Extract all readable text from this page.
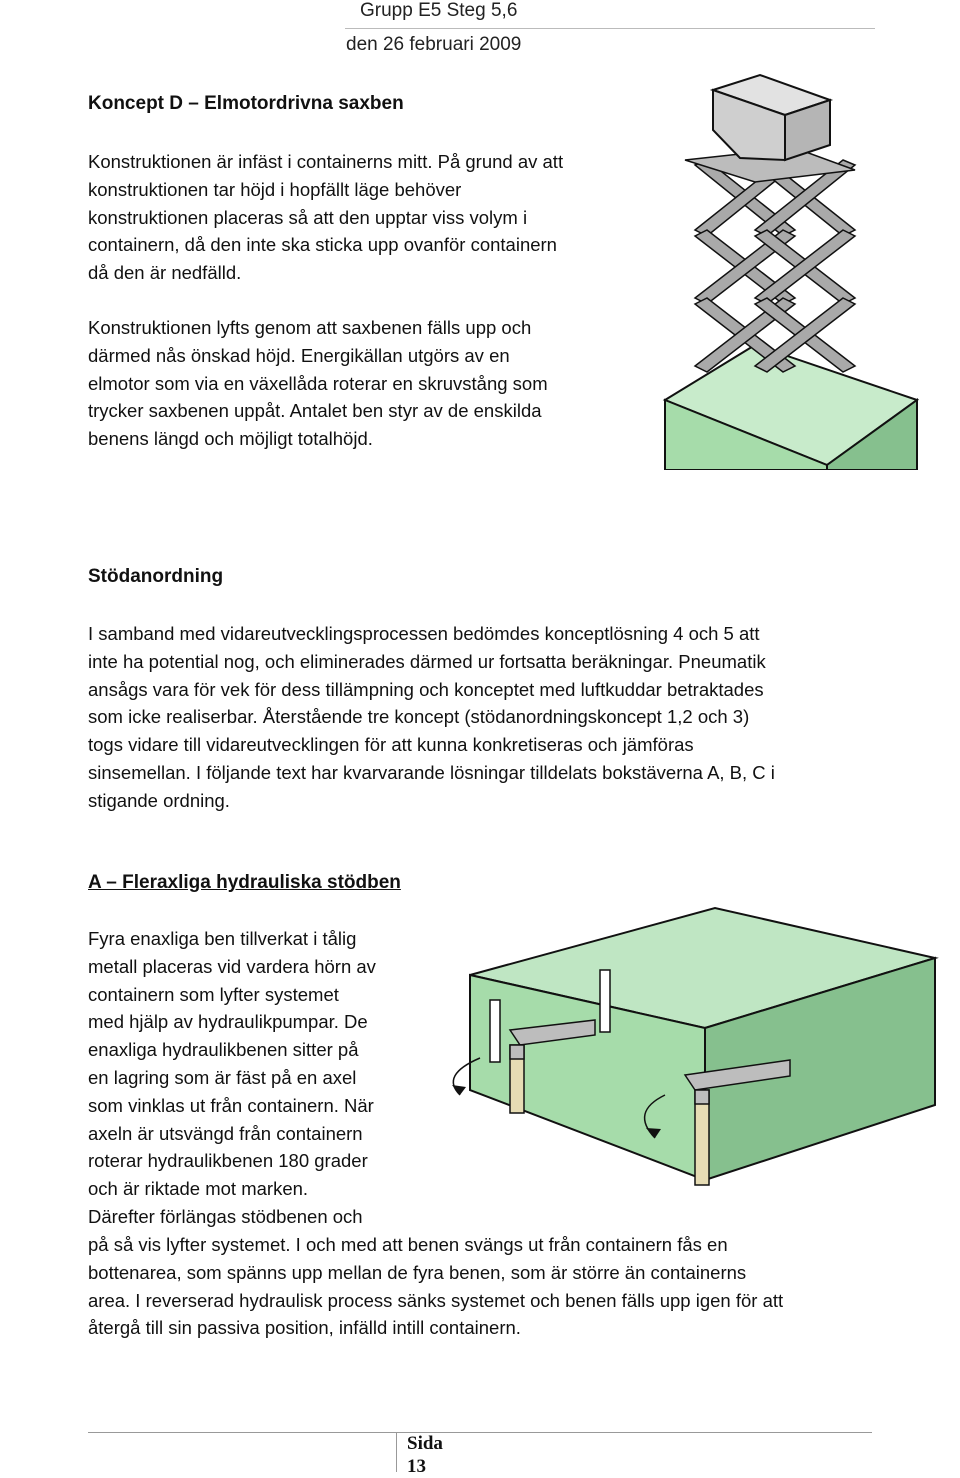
Grupp E5 Steg 5,6
den 26 februari 2009
Koncept D – Elmotordrivna saxben
Konstruktionen är infäst i containerns mitt. På grund av att
konstruktionen tar höjd i hopfällt läge behöver
konstruktionen placeras så att den upptar viss volym i
containern, då den inte ska sticka upp ovanför containern
då den är nedfälld.
Konstruktionen lyfts genom att saxbenen fälls upp och
därmed nås önskad höjd. Energikällan utgörs av en
elmotor som via en växellåda roterar en skruvstång som
trycker saxbenen uppåt. Antalet ben styr av de enskilda
benens längd och möjligt totalhöjd.
Stödanordning
I samband med vidareutvecklingsprocessen bedömdes konceptlösning 4 och 5 att
inte ha potential nog, och eliminerades därmed ur fortsatta beräkningar. Pneumatik
ansågs vara för vek för dess tillämpning och konceptet med luftkuddar betraktades
som icke realiserbar. Återstående tre koncept (stödanordningskoncept 1,2 och 3)
togs vidare till vidareutvecklingen för att kunna konkretiseras och jämföras
sinsemellan. I följande text har kvarvarande lösningar tilldelats bokstäverna A, B, C i
stigande ordning.
A – Fleraxliga hydrauliska stödben
Fyra enaxliga ben tillverkat i tålig
metall placeras vid vardera hörn av
containern som lyfter systemet
med hjälp av hydraulikpumpar. De
enaxliga hydraulikbenen sitter på
en lagring som är fäst på en axel
som vinklas ut från containern. När
axeln är utsvängd från containern
roterar hydraulikbenen 180 grader
och är riktade mot marken.
Därefter förlängas stödbenen och
på så vis lyfter systemet. I och med att benen svängs ut från containern fås en
bottenarea, som spänns upp mellan de fyra benen, som är större än containerns
area. I reverserad hydraulisk process sänks systemet och benen fälls upp igen för att
återgå till sin passiva position, infälld intill containern.
Sida
13
